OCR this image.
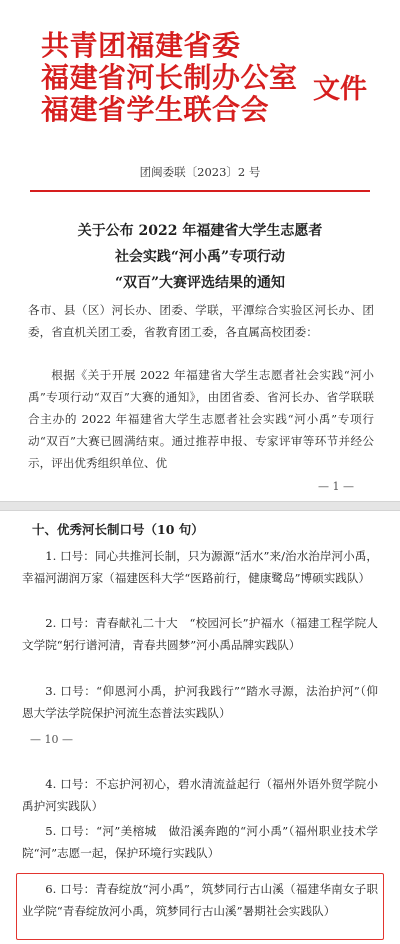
共青团福建省委
福建省河长制办公室
福建省学生联合会
文件
团闽委联〔2023〕2 号
关于公布 2022 年福建省大学生志愿者
社会实践“河小禹”专项行动
“双百”大赛评选结果的通知
各市、县（区）河长办、团委、学联，平潭综合实验区河长办、团委，省直机关团工委，省教育团工委，各直属高校团委：
根据《关于开展 2022 年福建省大学生志愿者社会实践“河小禹”专项行动“双百”大赛的通知》，由团省委、省河长办、省学联联合主办的 2022 年福建省大学生志愿者社会实践“河小禹”专项行动“双百”大赛已圆满结束。通过推荐申报、专家评审等环节并经公示，评出优秀组织单位、优
— 1 —
十、优秀河长制口号（10 句）
1. 口号：同心共推河长制，只为源源“活水”来/治水治岸河小禹，幸福河湖润万家（福建医科大学“医路前行，健康鹭岛”博硕实践队）
2. 口号：青春献礼二十大　“校园河长”护福水（福建工程学院人文学院“躬行谱河清，青春共圆梦”河小禹品牌实践队）
3. 口号：“仰恩河小禹，护河我践行”“踏水寻源，法治护河”（仰恩大学法学院保护河流生态普法实践队）
— 10 —
4. 口号：不忘护河初心，碧水清流益起行（福州外语外贸学院小禹护河实践队）
5. 口号：“河”美榕城　做沿溪奔跑的“河小禹”（福州职业技术学院“河”志愿一起，保护环境行实践队）
6. 口号：青春绽放“河小禹”，筑梦同行古山溪（福建华南女子职业学院“青春绽放河小禹，筑梦同行古山溪”暑期社会实践队）
